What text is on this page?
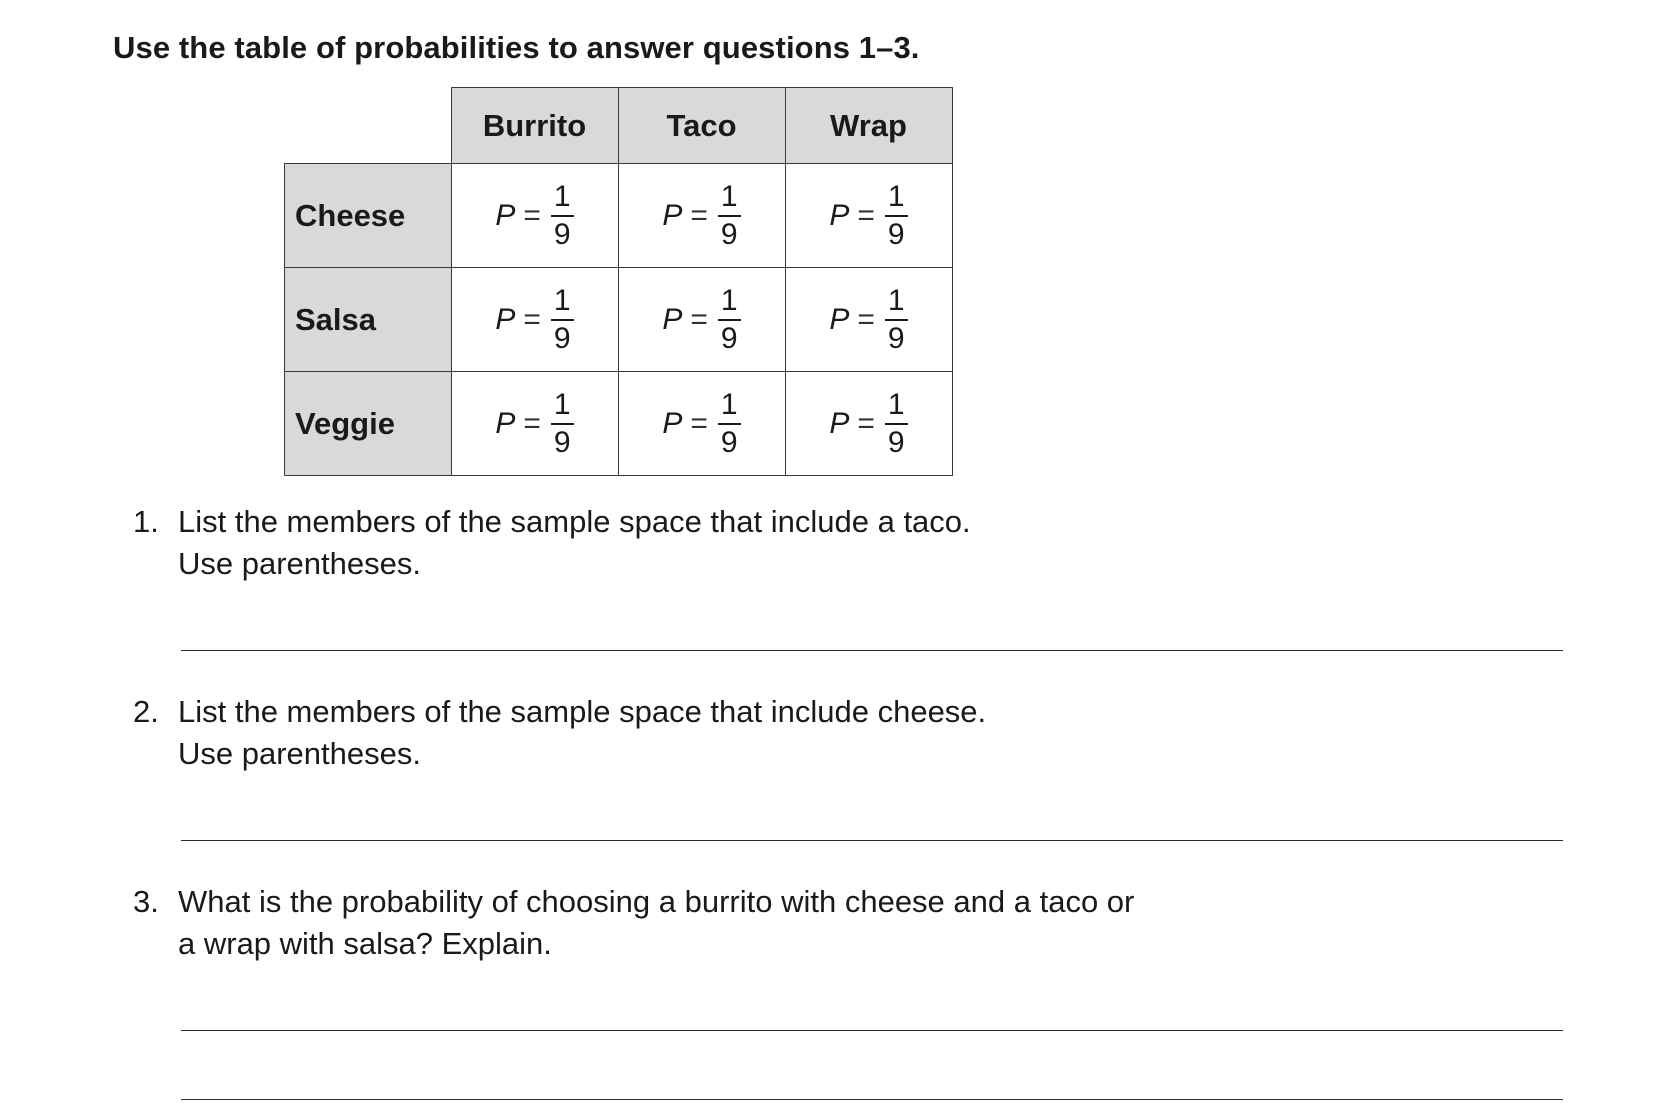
Use the table of probabilities to answer questions 1–3.

	Burrito	Taco	Wrap
Cheese	$P = \frac{1}{9}$	$P = \frac{1}{9}$	$P = \frac{1}{9}$

Salsa	$P = \frac{1}{9}$	$P = \frac{1}{9}$	$P = \frac{1}{9}$

Veggie	$P = \frac{1}{9}$	$P = \frac{1}{9}$	$P = \frac{1}{9}$

1. List the members of the sample space that include a taco.
Use parentheses.

2. List the members of the sample space that include cheese.
Use parentheses.

3. What is the probability of choosing a burrito with cheese and a taco or
a wrap with salsa? Explain.
